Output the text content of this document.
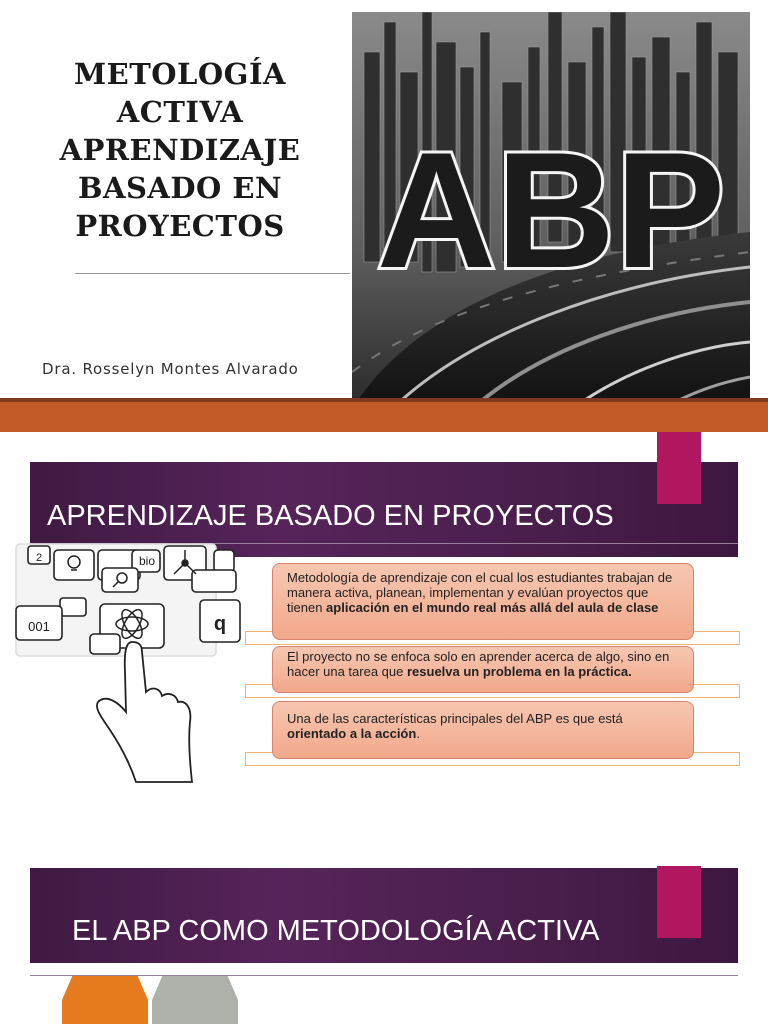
METOLOGÍA
ACTIVA
APRENDIZAJE
BASADO EN
PROYECTOS
Dra. Rosselyn Montes Alvarado
ABP
APRENDIZAJE BASADO EN PROYECTOS
2	bio
001	q
Metodología de aprendizaje con el cual los estudiantes trabajan de manera activa, planean, implementan y evalúan proyectos que tienen aplicación en el mundo real más allá del aula de clase
El proyecto no se enfoca solo en aprender acerca de algo, sino en hacer una tarea que resuelva un problema en la práctica.
Una de las características principales del ABP es que está orientado a la acción.
EL ABP COMO METODOLOGÍA ACTIVA
